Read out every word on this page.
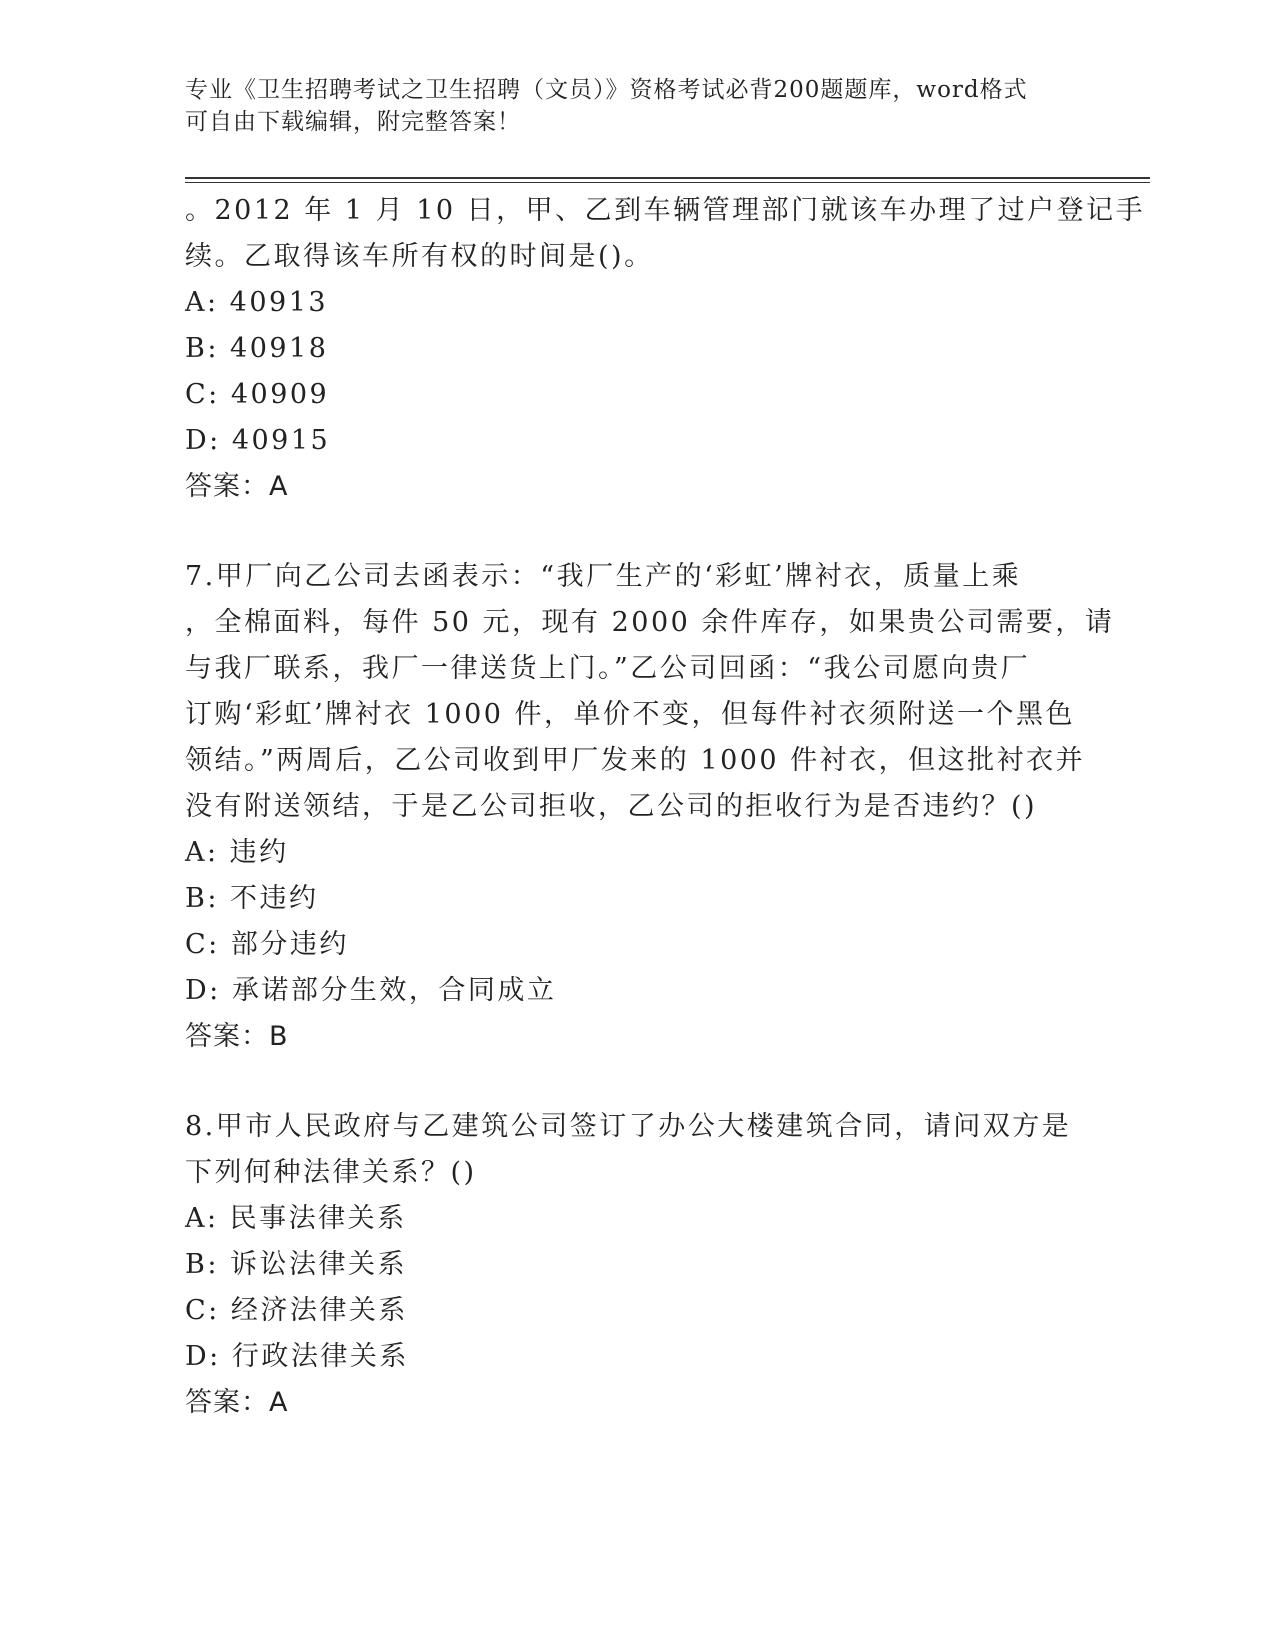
专业《卫生招聘考试之卫生招聘（文员）》资格考试必背200题题库，word格式
可自由下载编辑，附完整答案！
。2012 年 1 月 10 日，甲、乙到车辆管理部门就该车办理了过户登记手
续。乙取得该车所有权的时间是()。
A: 40913
B: 40918
C: 40909
D: 40915
答案：A
7.甲厂向乙公司去函表示：“我厂生产的‘彩虹’牌衬衣，质量上乘
，全棉面料，每件 50 元，现有 2000 余件库存，如果贵公司需要，请
与我厂联系，我厂一律送货上门。”乙公司回函：“我公司愿向贵厂
订购‘彩虹’牌衬衣 1000 件，单价不变，但每件衬衣须附送一个黑色
领结。”两周后，乙公司收到甲厂发来的 1000 件衬衣，但这批衬衣并
没有附送领结，于是乙公司拒收，乙公司的拒收行为是否违约？()
A: 违约
B: 不违约
C: 部分违约
D: 承诺部分生效，合同成立
答案：B
8.甲市人民政府与乙建筑公司签订了办公大楼建筑合同，请问双方是
下列何种法律关系？()
A: 民事法律关系
B: 诉讼法律关系
C: 经济法律关系
D: 行政法律关系
答案：A
